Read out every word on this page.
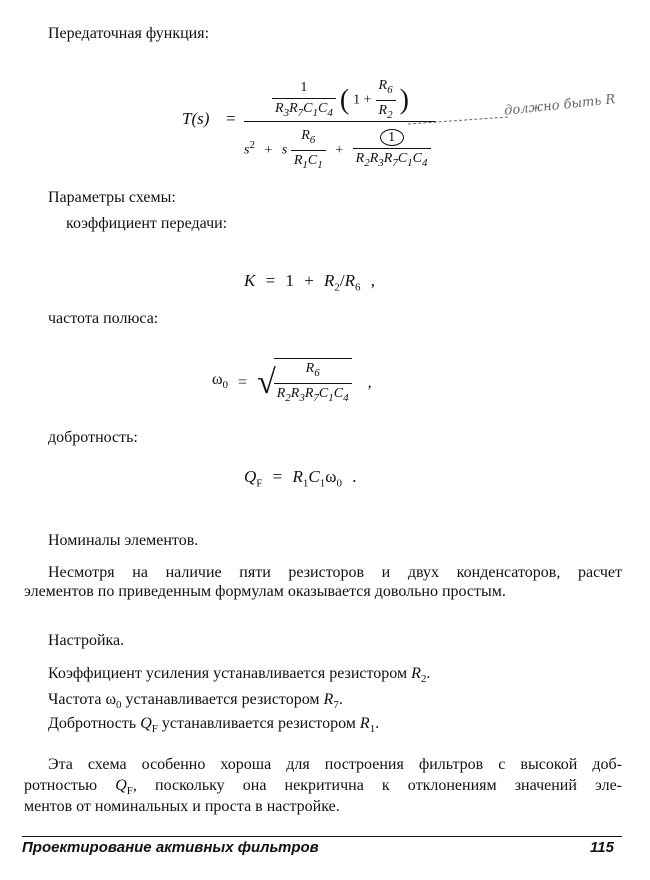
Передаточная функция:
T(s) =	$\frac{1}{R_3R_7C_1C_4}$ ( $1 + \frac{R_6}{R_2}$ )
$s^2 + s \frac{R_6}{R_1C_1} + \frac{1}{R_2R_3R_7C_1C_4}$
должно быть R
Параметры схемы:
коэффициент передачи:
$K = 1 + R_2/R_6$ ,
частота полюса:
$\omega_0$ = √
$\frac{R_6}{R_2R_3R_7C_1C_4}$ ,
добротность:
$Q_F = R_1C_1\omega_0$ .
Номиналы элементов.
Несмотря на наличие пяти резисторов и двух конденсаторов, расчет
элементов по приведенным формулам оказывается довольно простым.
Настройка.
Коэффициент усиления устанавливается резистором $R_2$.
Частота $\omega_0$ устанавливается резистором $R_7$.
Добротность $Q_F$ устанавливается резистором $R_1$.
Эта схема особенно хороша для построения фильтров с высокой доб-
ротностью $Q_F$, поскольку она некритична к отклонениям значений эле-
ментов от номинальных и проста в настройке.
Проектирование активных фильтров	115
